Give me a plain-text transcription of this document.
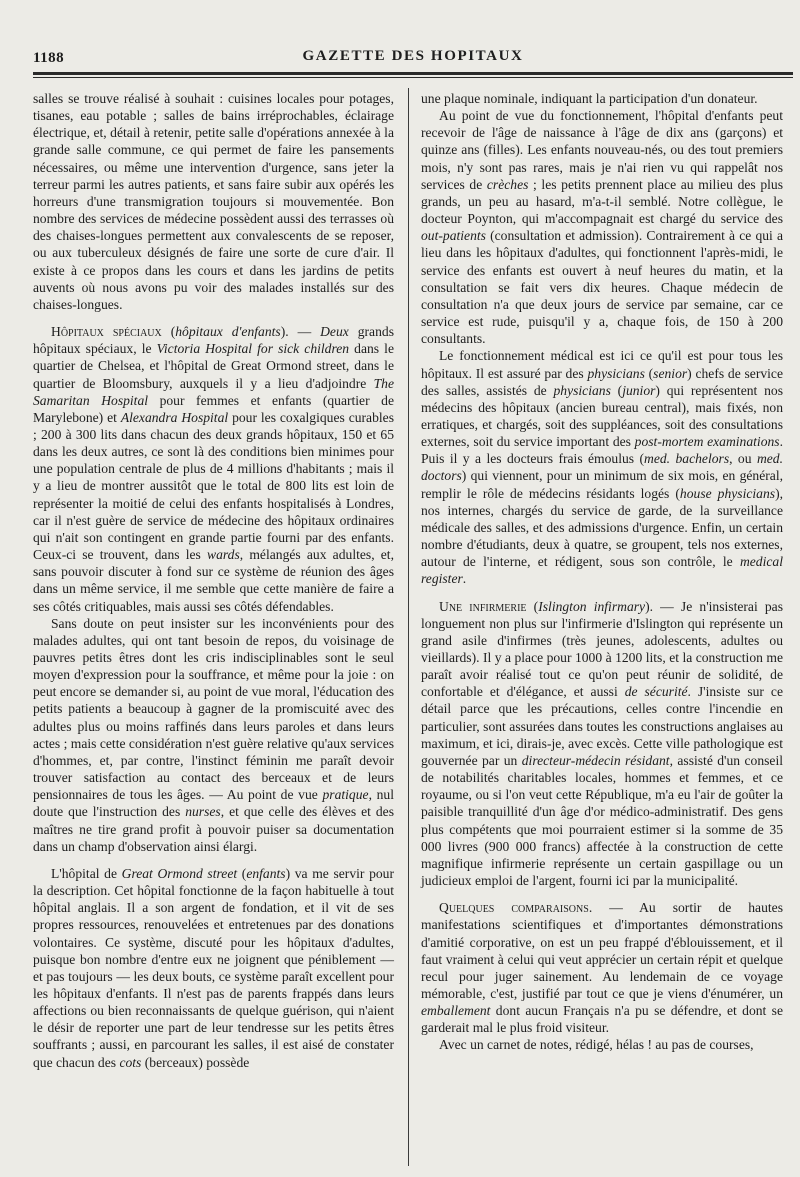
1188	GAZETTE DES HOPITAUX

salles se trouve réalisé à souhait : cuisines locales pour potages, tisanes, eau potable ; salles de bains irréprochables, éclairage électrique, et, détail à retenir, petite salle d'opérations annexée à la grande salle commune, ce qui permet de faire les pansements nécessaires, ou même une intervention d'urgence, sans jeter la terreur parmi les autres patients, et sans faire subir aux opérés les horreurs d'une transmigration toujours si mouvementée. Bon nombre des services de médecine possèdent aussi des terrasses où des chaises-longues permettent aux convalescents de se reposer, ou aux tuberculeux désignés de faire une sorte de cure d'air. Il existe à ce propos dans les cours et dans les jardins de petits auvents où nous avons pu voir des malades installés sur des chaises-longues.

Hôpitaux spéciaux (hôpitaux d'enfants). — Deux grands hôpitaux spéciaux, le Victoria Hospital for sick children dans le quartier de Chelsea, et l'hôpital de Great Ormond street, dans le quartier de Bloomsbury, auxquels il y a lieu d'adjoindre The Samaritan Hospital pour femmes et enfants (quartier de Marylebone) et Alexandra Hospital pour les coxalgiques curables ; 200 à 300 lits dans chacun des deux grands hôpitaux, 150 et 65 dans les deux autres, ce sont là des conditions bien minimes pour une population centrale de plus de 4 millions d'habitants ; mais il y a lieu de montrer aussitôt que le total de 800 lits est loin de représenter la moitié de celui des enfants hospitalisés à Londres, car il n'est guère de service de médecine des hôpitaux ordinaires qui n'ait son contingent en grande partie fourni par des enfants. Ceux-ci se trouvent, dans les wards, mélangés aux adultes, et, sans pouvoir discuter à fond sur ce système de réunion des âges dans un même service, il me semble que cette manière de faire a ses côtés critiquables, mais aussi ses côtés défendables.

Sans doute on peut insister sur les inconvénients pour des malades adultes, qui ont tant besoin de repos, du voisinage de pauvres petits êtres dont les cris indisciplinables sont le seul moyen d'expression pour la souffrance, et même pour la joie : on peut encore se demander si, au point de vue moral, l'éducation des petits patients a beaucoup à gagner de la promiscuité avec des adultes plus ou moins raffinés dans leurs paroles et dans leurs actes ; mais cette considération n'est guère relative qu'aux services d'hommes, et, par contre, l'instinct féminin me paraît devoir trouver satisfaction au contact des berceaux et de leurs pensionnaires de tous les âges. — Au point de vue pratique, nul doute que l'instruction des nurses, et que celle des élèves et des maîtres ne tire grand profit à pouvoir puiser sa documentation dans un champ d'observation ainsi élargi.

L'hôpital de Great Ormond street (enfants) va me servir pour la description. Cet hôpital fonctionne de la façon habituelle à tout hôpital anglais. Il a son argent de fondation, et il vit de ses propres ressources, renouvelées et entretenues par des donations volontaires. Ce système, discuté pour les hôpitaux d'adultes, puisque bon nombre d'entre eux ne joignent que péniblement — et pas toujours — les deux bouts, ce système paraît excellent pour les hôpitaux d'enfants. Il n'est pas de parents frappés dans leurs affections ou bien reconnaissants de quelque guérison, qui n'aient le désir de reporter une part de leur tendresse sur les petits êtres souffrants ; aussi, en parcourant les salles, il est aisé de constater que chacun des cots (berceaux) possède

une plaque nominale, indiquant la participation d'un donateur.

Au point de vue du fonctionnement, l'hôpital d'enfants peut recevoir de l'âge de naissance à l'âge de dix ans (garçons) et quinze ans (filles). Les enfants nouveau-nés, ou des tout premiers mois, n'y sont pas rares, mais je n'ai rien vu qui rappelât nos services de crèches ; les petits prennent place au milieu des plus grands, un peu au hasard, m'a-t-il semblé. Notre collègue, le docteur Poynton, qui m'accompagnait est chargé du service des out-patients (consultation et admission). Contrairement à ce qui a lieu dans les hôpitaux d'adultes, qui fonctionnent l'après-midi, le service des enfants est ouvert à neuf heures du matin, et la consultation se fait vers dix heures. Chaque médecin de consultation n'a que deux jours de service par semaine, car ce service est rude, puisqu'il y a, chaque fois, de 150 à 200 consultants.

Le fonctionnement médical est ici ce qu'il est pour tous les hôpitaux. Il est assuré par des physicians (senior) chefs de service des salles, assistés de physicians (junior) qui représentent nos médecins des hôpitaux (ancien bureau central), mais fixés, non erratiques, et chargés, soit des suppléances, soit des consultations externes, soit du service important des post-mortem examinations. Puis il y a les docteurs frais émoulus (med. bachelors, ou med. doctors) qui viennent, pour un minimum de six mois, en général, remplir le rôle de médecins résidants logés (house physicians), nos internes, chargés du service de garde, de la surveillance médicale des salles, et des admissions d'urgence. Enfin, un certain nombre d'étudiants, deux à quatre, se groupent, tels nos externes, autour de l'interne, et rédigent, sous son contrôle, le medical register.

Une infirmerie (Islington infirmary). — Je n'insisterai pas longuement non plus sur l'infirmerie d'Islington qui représente un grand asile d'infirmes (très jeunes, adolescents, adultes ou vieillards). Il y a place pour 1000 à 1200 lits, et la construction me paraît avoir réalisé tout ce qu'on peut réunir de solidité, de confortable et d'élégance, et aussi de sécurité. J'insiste sur ce détail parce que les précautions, celles contre l'incendie en particulier, sont assurées dans toutes les constructions anglaises au maximum, et ici, dirais-je, avec excès. Cette ville pathologique est gouvernée par un directeur-médecin résidant, assisté d'un conseil de notabilités charitables locales, hommes et femmes, et ce royaume, ou si l'on veut cette République, m'a eu l'air de goûter la paisible tranquillité d'un âge d'or médico-administratif. Des gens plus compétents que moi pourraient estimer si la somme de 35 000 livres (900 000 francs) affectée à la construction de cette magnifique infirmerie représente un certain gaspillage ou un judicieux emploi de l'argent, fourni ici par la municipalité.

Quelques comparaisons. — Au sortir de hautes manifestations scientifiques et d'importantes démonstrations d'amitié corporative, on est un peu frappé d'éblouissement, et il faut vraiment à celui qui veut apprécier un certain répit et quelque recul pour juger sainement. Au lendemain de ce voyage mémorable, c'est, justifié par tout ce que je viens d'énumérer, un emballement dont aucun Français n'a pu se défendre, et dont se garderait mal le plus froid visiteur.

Avec un carnet de notes, rédigé, hélas ! au pas de courses,
